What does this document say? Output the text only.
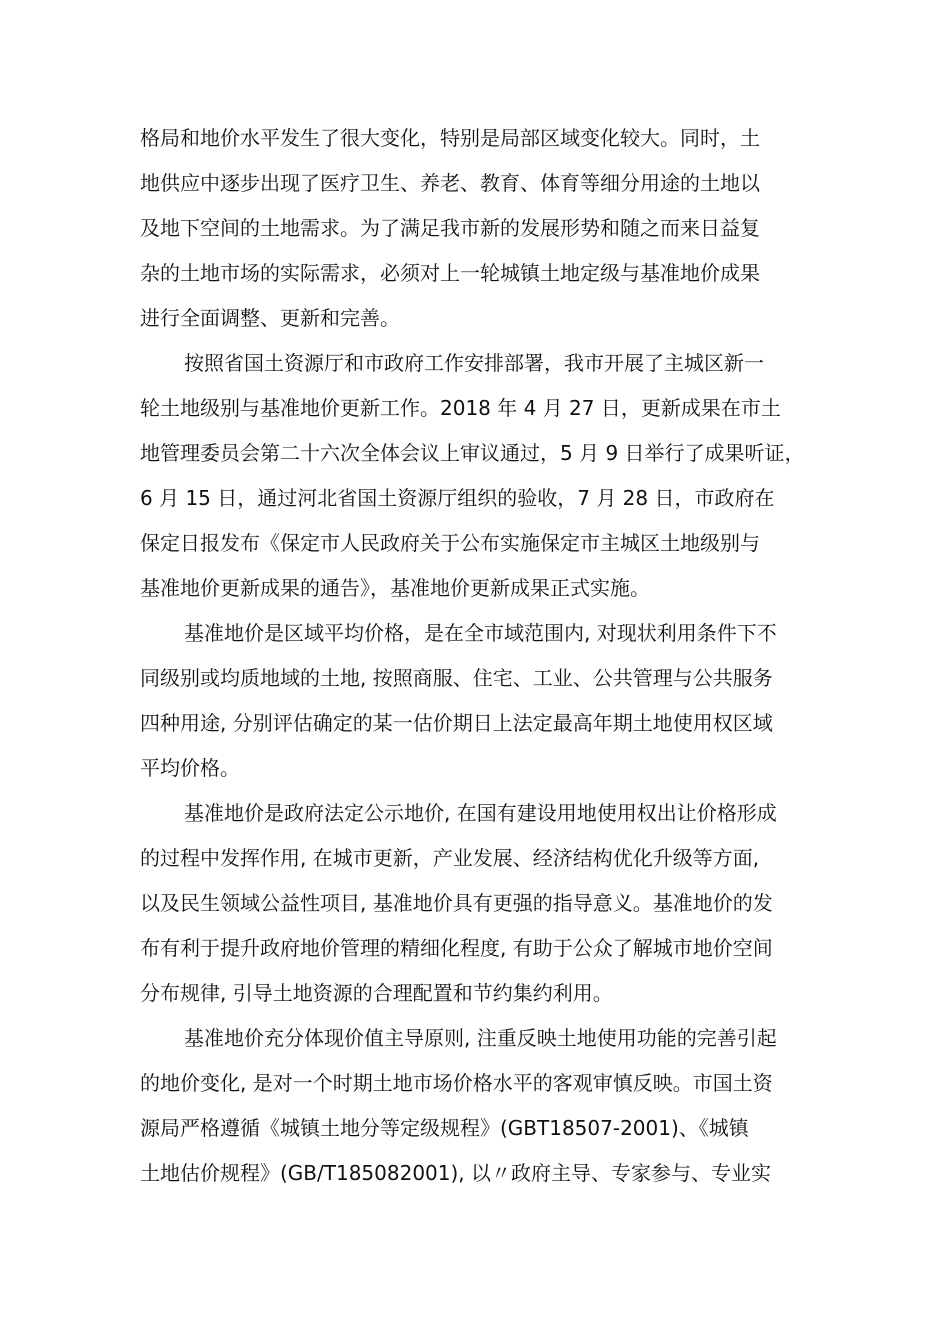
格局和地价水平发生了很大变化，特别是局部区域变化较大。同时，土
地供应中逐步出现了医疗卫生、养老、教育、体育等细分用途的土地以
及地下空间的土地需求。为了满足我市新的发展形势和随之而来日益复
杂的土地市场的实际需求，必须对上一轮城镇土地定级与基准地价成果
进行全面调整、更新和完善。
按照省国土资源厅和市政府工作安排部署，我市开展了主城区新一
轮土地级别与基准地价更新工作。2018 年 4 月 27 日，更新成果在市土
地管理委员会第二十六次全体会议上审议通过，5 月 9 日举行了成果听证，
6 月 15 日，通过河北省国土资源厅组织的验收，7 月 28 日，市政府在
保定日报发布《保定市人民政府关于公布实施保定市主城区土地级别与
基准地价更新成果的通告》，基准地价更新成果正式实施。
基准地价是区域平均价格，是在全市域范围内, 对现状利用条件下不
同级别或均质地域的土地, 按照商服、住宅、工业、公共管理与公共服务
四种用途, 分别评估确定的某一估价期日上法定最高年期土地使用权区域
平均价格。
基准地价是政府法定公示地价, 在国有建设用地使用权出让价格形成
的过程中发挥作用, 在城市更新，产业发展、经济结构优化升级等方面,
以及民生领域公益性项目, 基准地价具有更强的指导意义。基准地价的发
布有利于提升政府地价管理的精细化程度, 有助于公众了解城市地价空间
分布规律, 引导土地资源的合理配置和节约集约利用。
基准地价充分体现价值主导原则, 注重反映土地使用功能的完善引起
的地价变化, 是对一个时期土地市场价格水平的客观审慎反映。市国土资
源局严格遵循《城镇土地分等定级规程》(GBT18507-2001)、《城镇
土地估价规程》(GB/T185082001), 以〃政府主导、专家参与、专业实
